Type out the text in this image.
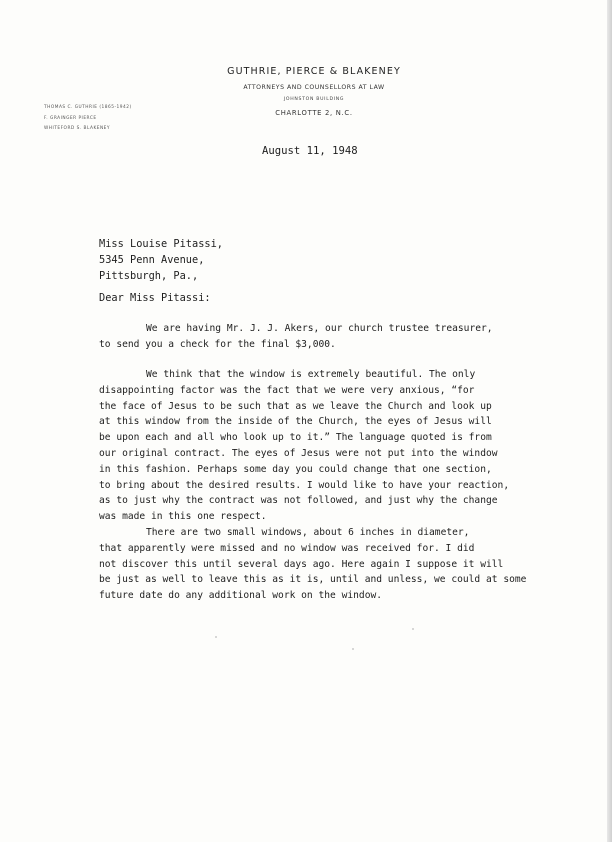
GUTHRIE, PIERCE & BLAKENEY
ATTORNEYS AND COUNSELLORS AT LAW
JOHNSTON BUILDING
CHARLOTTE 2, N.C.
THOMAS C. GUTHRIE (1865-1942)
F. GRAINGER PIERCE
WHITEFORD S. BLAKENEY
August 11, 1948
Miss Louise Pitassi,
5345 Penn Avenue,
Pittsburgh, Pa.,
Dear Miss Pitassi:
We are having Mr. J. J. Akers, our church trustee treasurer,
to send you a check for the final $3,000.
We think that the window is extremely beautiful. The only
disappointing factor was the fact that we were very anxious, “for
the face of Jesus to be such that as we leave the Church and look up
at this window from the inside of the Church, the eyes of Jesus will
be upon each and all who look up to it.” The language quoted is from
our original contract. The eyes of Jesus were not put into the window
in this fashion. Perhaps some day you could change that one section,
to bring about the desired results. I would like to have your reaction,
as to just why the contract was not followed, and just why the change
was made in this one respect.
There are two small windows, about 6 inches in diameter,
that apparently were missed and no window was received for. I did
not discover this until several days ago. Here again I suppose it will
be just as well to leave this as it is, until and unless, we could at some
future date do any additional work on the window.
